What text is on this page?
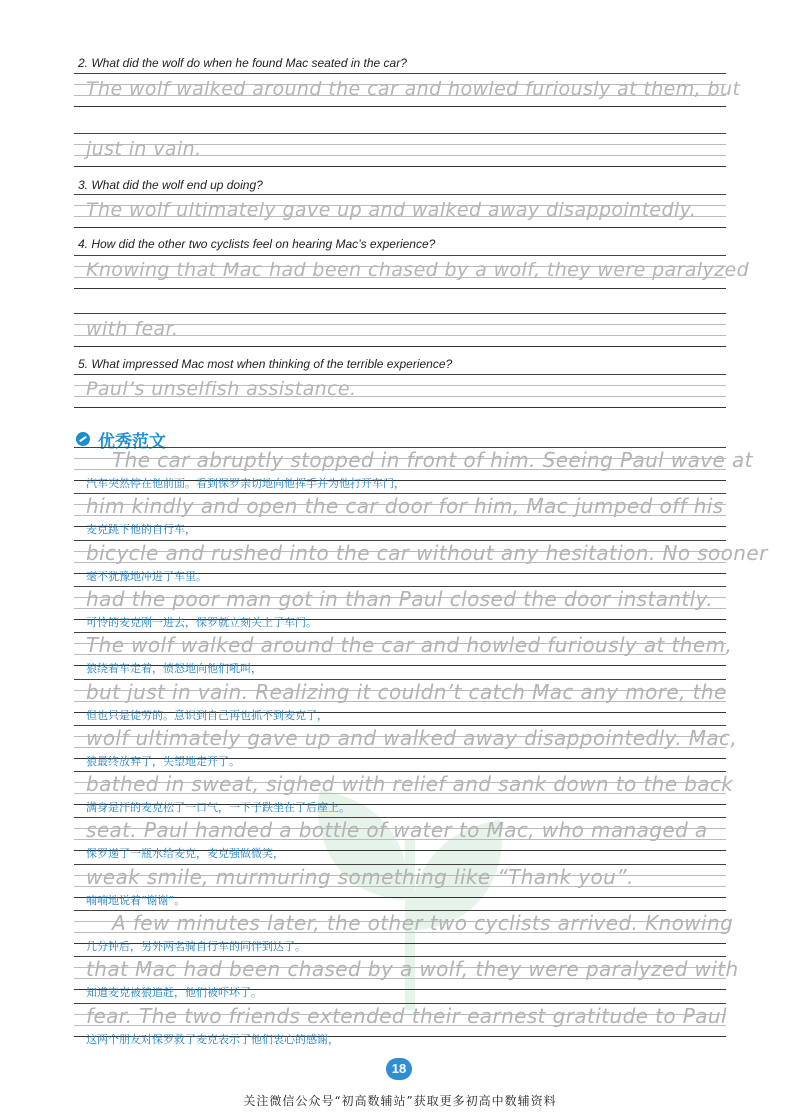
2. What did the wolf do when he found Mac seated in the car?
The wolf walked around the car and howled furiously at them, but
just in vain.
3. What did the wolf end up doing?
The wolf ultimately gave up and walked away disappointedly.
4. How did the other two cyclists feel on hearing Mac’s experience?
Knowing that Mac had been chased by a wolf, they were paralyzed
with fear.
5. What impressed Mac most when thinking of the terrible experience?
Paul’s unselfish assistance.
优秀范文
The car abruptly stopped in front of him. Seeing Paul wave at
汽车突然停在他前面。看到保罗亲切地向他挥手并为他打开车门，
him kindly and open the car door for him, Mac jumped off his
麦克跳下他的自行车，
bicycle and rushed into the car without any hesitation. No sooner
毫不犹豫地冲进了车里。
had the poor man got in than Paul closed the door instantly.
可怜的麦克刚一进去，保罗就立刻关上了车门。
The wolf walked around the car and howled furiously at them,
狼绕着车走着，愤怒地向他们吼叫，
but just in vain. Realizing it couldn’t catch Mac any more, the
但也只是徒劳的。意识到自己再也抓不到麦克了，
wolf ultimately gave up and walked away disappointedly. Mac,
狼最终放弃了，失望地走开了。
bathed in sweat, sighed with relief and sank down to the back
满身是汗的麦克松了一口气，一下子跌坐在了后座上。
seat. Paul handed a bottle of water to Mac, who managed a
保罗递了一瓶水给麦克，麦克强做微笑，
weak smile, murmuring something like “Thank you”.
喃喃地说着“谢谢”。
A few minutes later, the other two cyclists arrived. Knowing
几分钟后，另外两名骑自行车的同伴到达了。
that Mac had been chased by a wolf, they were paralyzed with
知道麦克被狼追赶，他们被吓坏了。
fear. The two friends extended their earnest gratitude to Paul
这两个朋友对保罗救了麦克表示了他们衷心的感谢，
18
关注微信公众号“初高数辅站”获取更多初高中数辅资料
